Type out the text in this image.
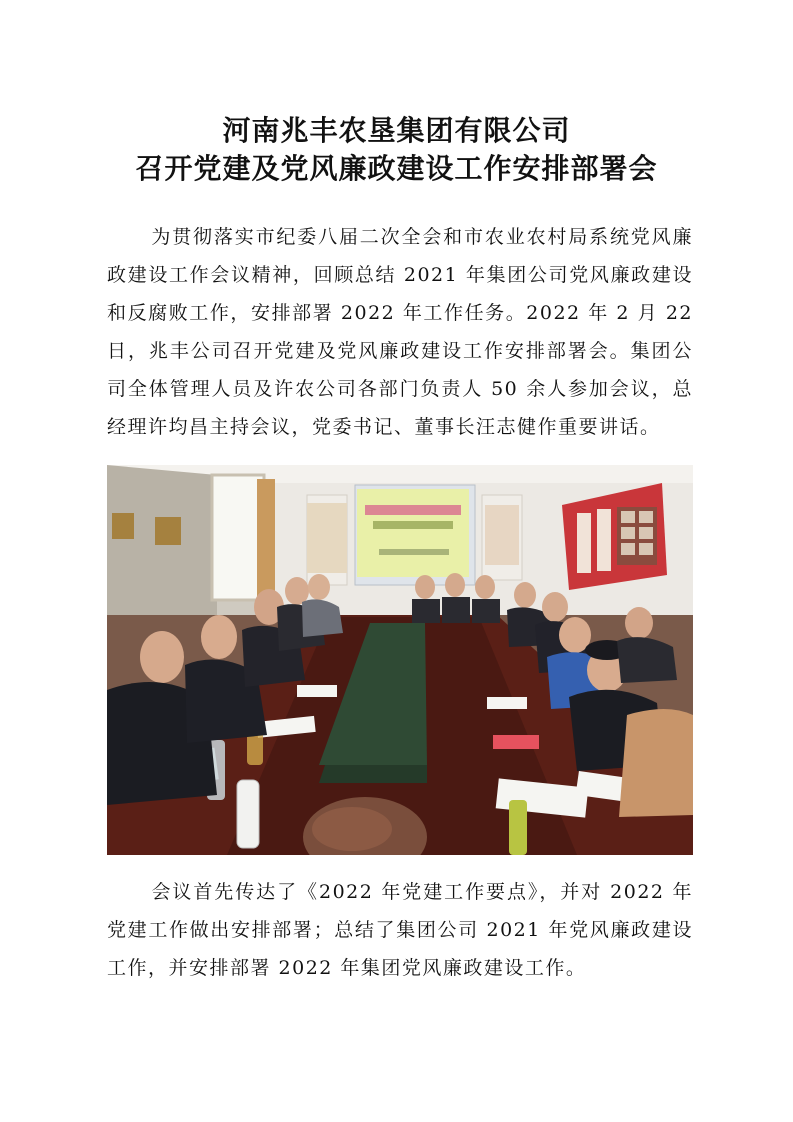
河南兆丰农垦集团有限公司
召开党建及党风廉政建设工作安排部署会

为贯彻落实市纪委八届二次全会和市农业农村局系统党风廉政建设工作会议精神，回顾总结 2021 年集团公司党风廉政建设和反腐败工作，安排部署 2022 年工作任务。2022 年 2 月 22 日，兆丰公司召开党建及党风廉政建设工作安排部署会。集团公司全体管理人员及许农公司各部门负责人 50 余人参加会议，总经理许均昌主持会议，党委书记、董事长汪志健作重要讲话。

会议首先传达了《2022 年党建工作要点》，并对 2022 年党建工作做出安排部署；总结了集团公司 2021 年党风廉政建设工作，并安排部署 2022 年集团党风廉政建设工作。
